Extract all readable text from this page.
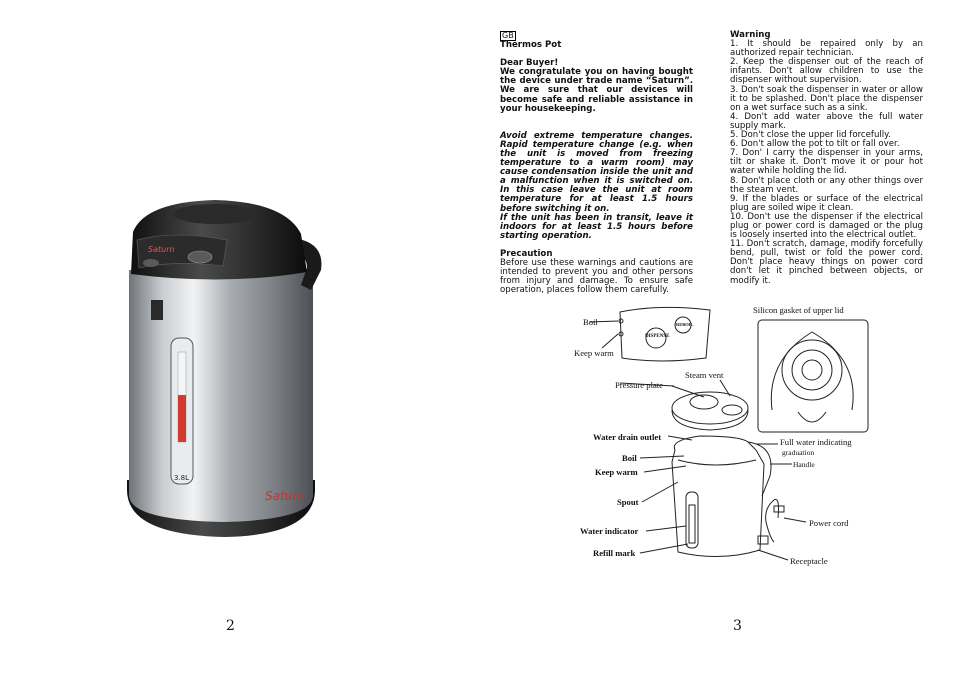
Saturn
3.8L
Saturn
2

GB

Thermos Pot

Dear Buyer!

We congratulate you on having bought the device under trade name “Saturn”. We are sure that our devices will become safe and reliable assistance in your housekeeping.

Avoid extreme temperature changes. Rapid temperature change (e.g. when the unit is moved from freezing temperature to a warm room) may cause condensation inside the unit and a malfunction when it is switched on. In this case leave the unit at room temperature for at least 1.5 hours before switching it on.

If the unit has been in transit, leave it indoors for at least 1.5 hours before starting operation.

Precaution

Before use these warnings and cautions are intended to prevent you and other persons from injury and damage. To ensure safe operation, places follow them carefully.

Warning

1. It should be repaired only by an authorized repair technician.

2. Keep the dispenser out of the reach of infants. Don't allow children to use the dispenser without supervision.

3. Don't soak the dispenser in water or allow it to be splashed. Don't place the dispenser on a wet surface such as a sink.

4. Don't add water above the full water supply mark.

5. Don't close the upper lid forcefully.

6. Don't allow the pot to tilt or fall over.

7. Don' I carry the dispenser in your arms, tilt or shake it. Don't move it or pour hot water while holding the lid.

8. Don't place cloth or any other things over the steam vent.

9. If the blades or surface of the electrical plug are soiled wipe it clean.

10. Don't use the dispenser if the electrical plug or power cord is damaged or the plug is loosely inserted into the electrical outlet.

11. Don't scratch, damage, modify forcefully bend, pull, twist or fold the power cord. Don't place heavy things on power cord don't let it pinched between objects, or modify it.

Boil
Keep warm
DISPENSE
REBOIL
Silicon gasket of upper lid
Steam vent
Pressure plate
Water drain outlet
Boil
Keep warm
Spout
Water indicator
Refill mark
Full water indicating
graduation
Handle
Power cord
Receptacle
3
